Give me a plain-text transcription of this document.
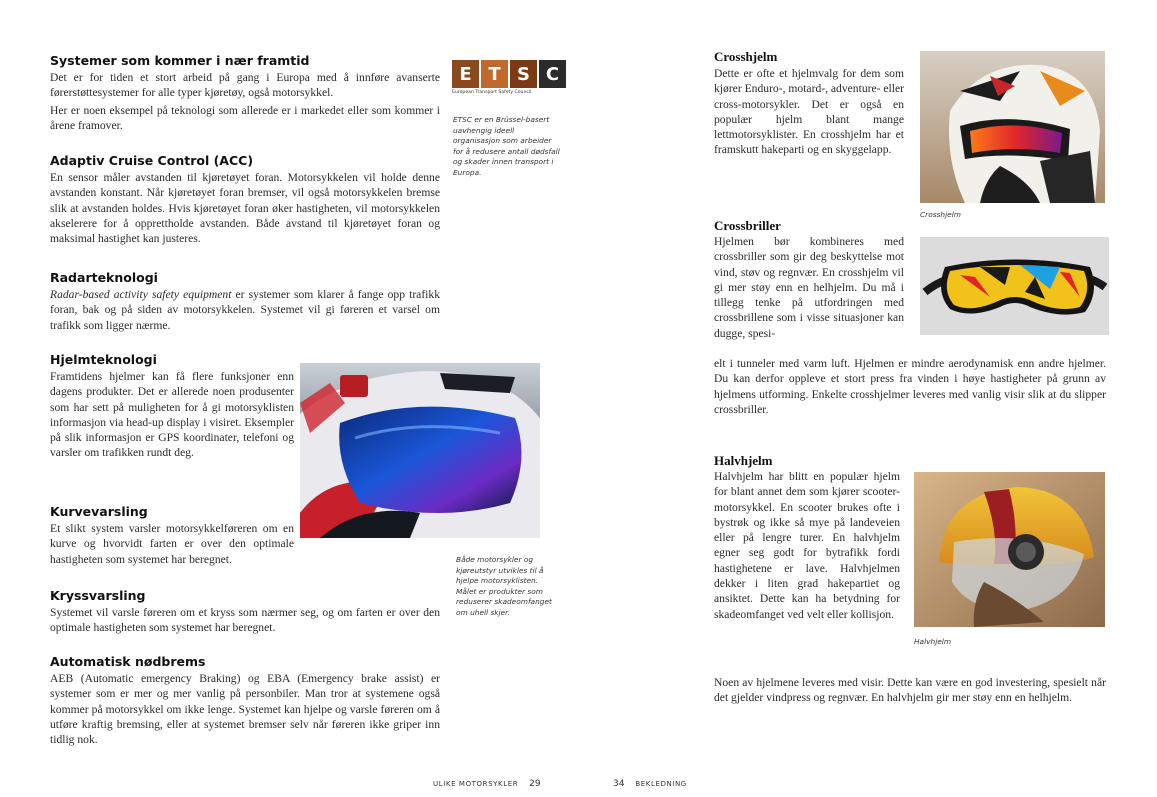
Systemer som kommer i nær framtid

Det er for tiden et stort arbeid på gang i Europa med å innføre avanserte førerstøttesystemer for alle typer kjøretøy, også motorsykkel.

Her er noen eksempel på teknologi som allerede er i markedet eller som kommer i årene framover.

Adaptiv Cruise Control (ACC)

En sensor måler avstanden til kjøretøyet foran. Motorsykkelen vil holde denne avstanden konstant. Når kjøretøyet foran bremser, vil også motorsykkelen bremse slik at avstanden holdes. Hvis kjøretøyet foran øker hastigheten, vil motorsykkelen akselerere for å opprettholde avstanden. Både avstand til kjøretøyet foran og maksimal hastighet kan justeres.

Radarteknologi

Radar-based activity safety equipment er systemer som klarer å fange opp trafikk foran, bak og på siden av motorsykkelen. Systemet vil gi føreren et varsel om trafikk som ligger nærme.

Hjelmteknologi

Framtidens hjelmer kan få flere funksjoner enn dagens produkter. Det er allerede noen produsenter som har sett på muligheten for å gi motorsyklisten informasjon via head-up display i visiret. Eksempler på slik informasjon er GPS koordinater, telefoni og varsler om trafikken rundt deg.

Kurvevarsling

Et slikt system varsler motorsykkelføreren om en kurve og hvorvidt farten er over den optimale hastigheten som systemet har beregnet.

Kryssvarsling

Systemet vil varsle føreren om et kryss som nærmer seg, og om farten er over den optimale hastigheten som systemet har beregnet.

Automatisk nødbrems

AEB (Automatic emergency Braking) og EBA (Emergency brake assist) er systemer som er mer og mer vanlig på personbiler. Man tror at systemene også kommer på motorsykkel om ikke lenge. Systemet kan hjelpe og varsle føreren om å utføre kraftig bremsing, eller at systemet bremser selv når føreren ikke griper inn tidlig nok.

E T S C
European Transport Safety Council

ETSC er en Brüssel-basert uavhengig ideell organisasjon som arbeider for å redusere antall dødsfall og skader innen transport i Europa.

Både motorsykler og kjøreutstyr utvikles til å hjelpe motorsyklisten. Målet er produkter som reduserer skadeomfanget om uhell skjer.

ULIKE MOTORSYKLER 29
Crosshjelm

Dette er ofte et hjelmvalg for dem som kjører Enduro-, motard-, adventure- eller cross-motorsykler. Det er også en populær hjelm blant mange lettmotorsyklister. En crosshjelm har et framskutt hakeparti og en skyggelapp.

Crosshjelm

Crossbriller

Hjelmen bør kombineres med crossbriller som gir deg beskyttelse mot vind, støv og regnvær. En crosshjelm vil gi mer støy enn en helhjelm. Du må i tillegg tenke på utfordringen med crossbrillene som i visse situasjoner kan dugge, spesi-

elt i tunneler med varm luft. Hjelmen er mindre aerodynamisk enn andre hjelmer. Du kan derfor oppleve et stort press fra vinden i høye hastigheter på grunn av hjelmens utforming. Enkelte crosshjelmer leveres med vanlig visir slik at du slipper crossbriller.

Halvhjelm

Halvhjelm har blitt en populær hjelm for blant annet dem som kjører scooter-motorsykkel. En scooter brukes ofte i bystrøk og ikke så mye på landeveien eller på lengre turer. En halvhjelm egner seg godt for bytrafikk fordi hastighetene er lave. Halvhjelmen dekker i liten grad hakepartiet og ansiktet. Dette kan ha betydning for skadeomfanget ved velt eller kollisjon.

Halvhjelm

Noen av hjelmene leveres med visir. Dette kan være en god investering, spesielt når det gjelder vindpress og regnvær. En halvhjelm gir mer støy enn en helhjelm.

34 BEKLEDNING
